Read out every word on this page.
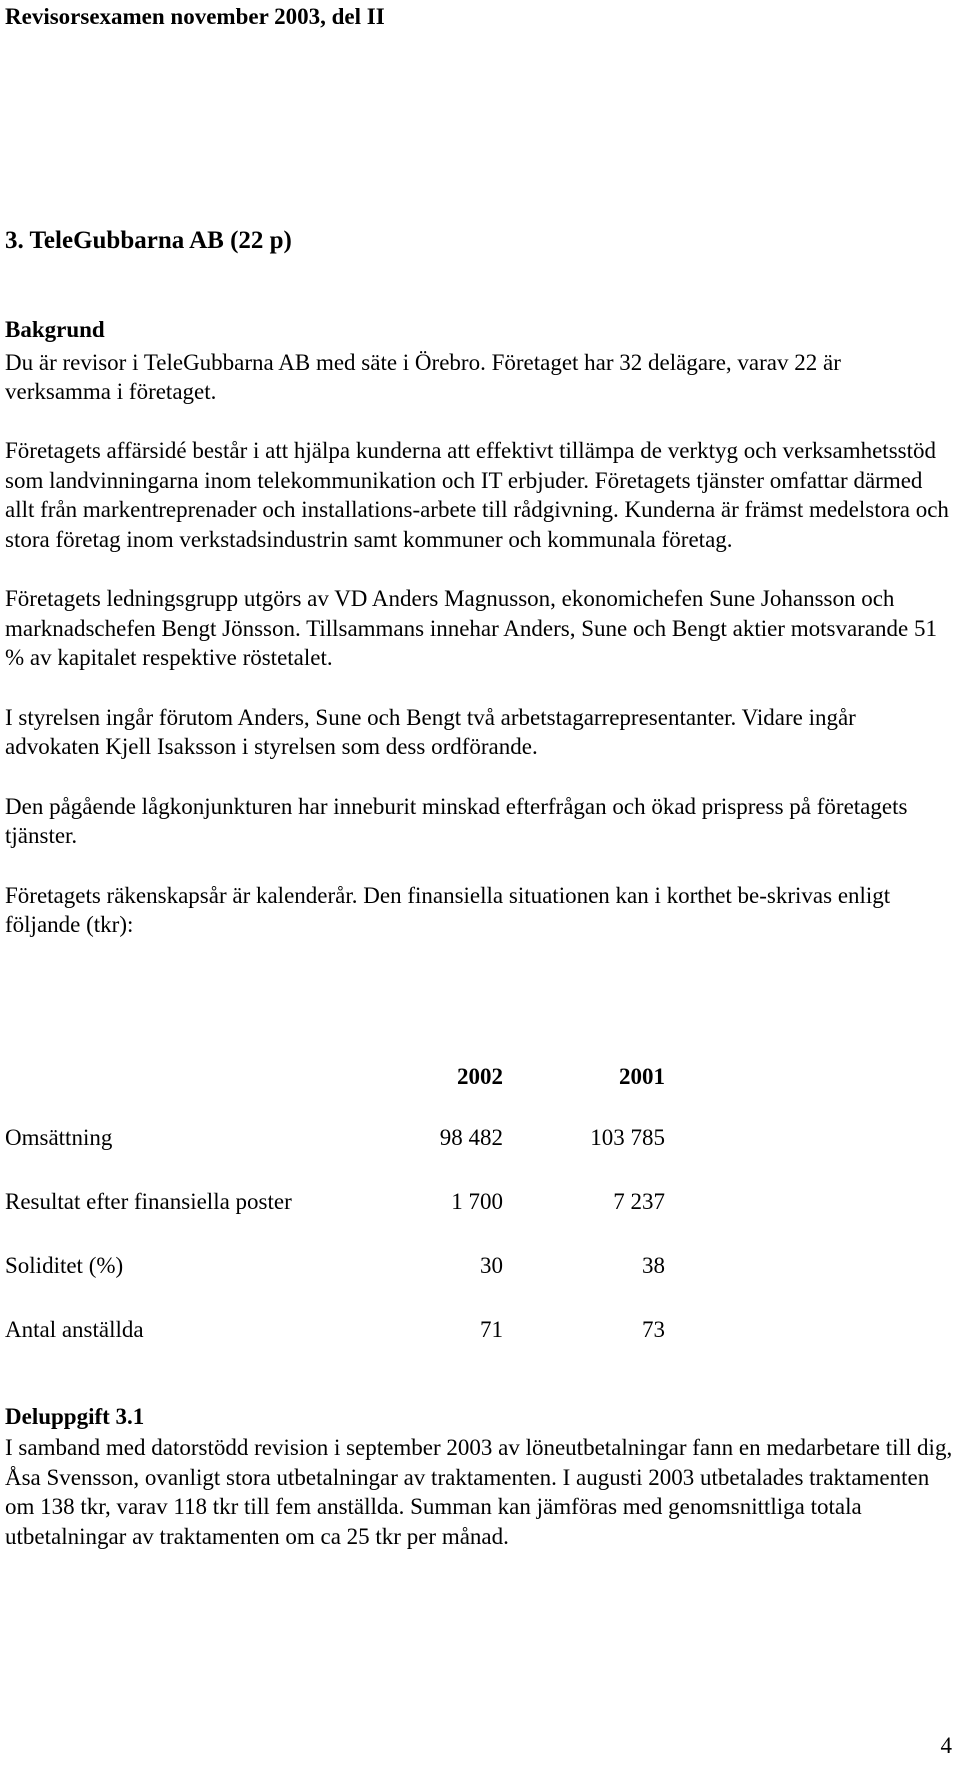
Revisorsexamen november 2003, del II
3. TeleGubbarna AB (22 p)
Bakgrund

Du är revisor i TeleGubbarna AB med säte i Örebro. Företaget har 32 delägare, varav 22 är verksamma i företaget.

Företagets affärsidé består i att hjälpa kunderna att effektivt tillämpa de verktyg och verksamhetsstöd som landvinningarna inom telekommunikation och IT erbjuder. Företagets tjänster omfattar därmed allt från markentreprenader och installations-arbete till rådgivning. Kunderna är främst medelstora och stora företag inom verkstadsindustrin samt kommuner och kommunala företag.

Företagets ledningsgrupp utgörs av VD Anders Magnusson, ekonomichefen Sune Johansson och marknadschefen Bengt Jönsson. Tillsammans innehar Anders, Sune och Bengt aktier motsvarande 51 % av kapitalet respektive röstetalet.

I styrelsen ingår förutom Anders, Sune och Bengt två arbetstagarrepresentanter. Vidare ingår advokaten Kjell Isaksson i styrelsen som dess ordförande.

Den pågående lågkonjunkturen har inneburit minskad efterfrågan och ökad prispress på företagets tjänster.

Företagets räkenskapsår är kalenderår. Den finansiella situationen kan i korthet be-skrivas enligt följande (tkr):

	2002	2001
Omsättning	98 482	103 785
Resultat efter finansiella poster	1 700	7 237
Soliditet (%)	30	38
Antal anställda	71	73
Deluppgift 3.1

I samband med datorstödd revision i september 2003 av löneutbetalningar fann en medarbetare till dig, Åsa Svensson, ovanligt stora utbetalningar av traktamenten. I augusti 2003 utbetalades traktamenten om 138 tkr, varav 118 tkr till fem anställda. Summan kan jämföras med genomsnittliga totala utbetalningar av traktamenten om ca 25 tkr per månad.

4
